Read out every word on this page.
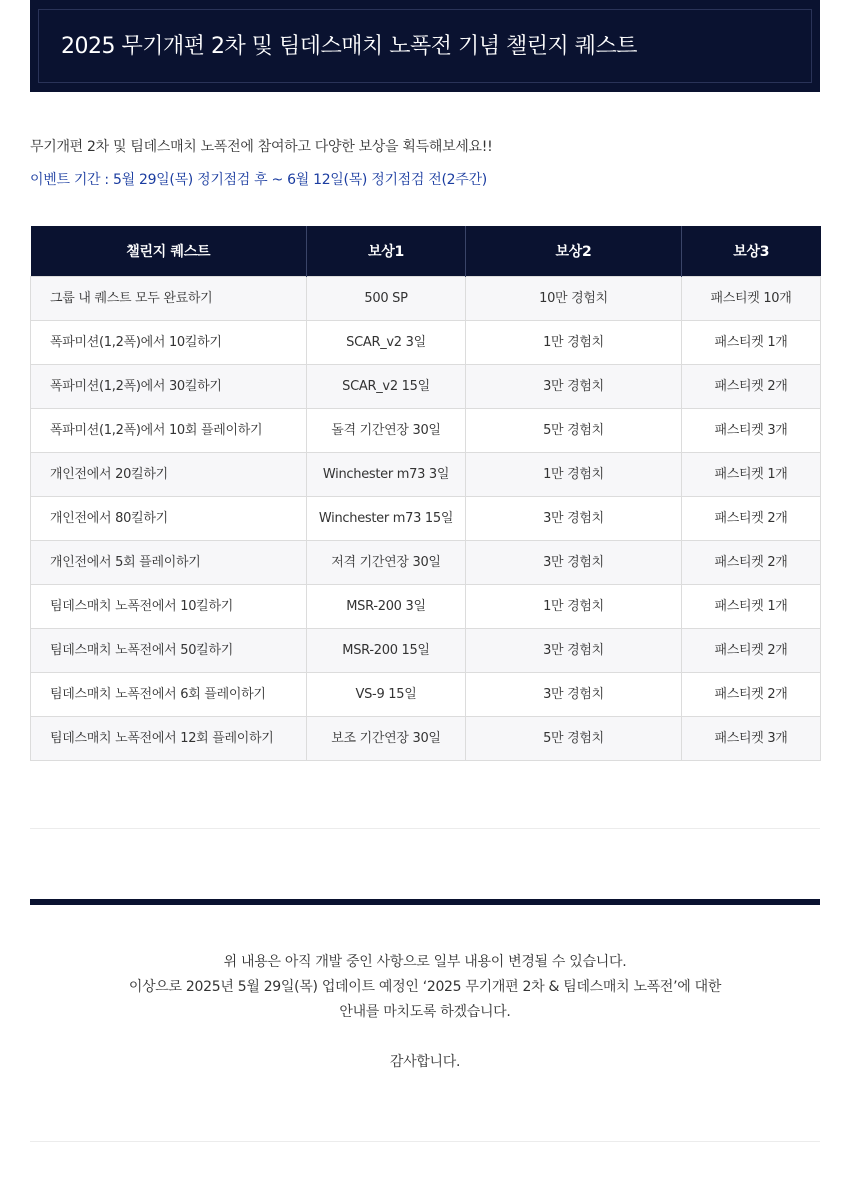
2025 무기개편 2차 및 팀데스매치 노폭전 기념 챌린지 퀘스트
무기개편 2차 및 팀데스매치 노폭전에 참여하고 다양한 보상을 획득해보세요!!
이벤트 기간 : 5월 29일(목) 정기점검 후 ~ 6월 12일(목) 정기점검 전(2주간)
챌린지 퀘스트	보상1	보상2	보상3
그룹 내 퀘스트 모두 완료하기	500 SP	10만 경험치	패스티켓 10개
폭파미션(1,2폭)에서 10킬하기	SCAR_v2 3일	1만 경험치	패스티켓 1개
폭파미션(1,2폭)에서 30킬하기	SCAR_v2 15일	3만 경험치	패스티켓 2개
폭파미션(1,2폭)에서 10회 플레이하기	돌격 기간연장 30일	5만 경험치	패스티켓 3개
개인전에서 20킬하기	Winchester m73 3일	1만 경험치	패스티켓 1개
개인전에서 80킬하기	Winchester m73 15일	3만 경험치	패스티켓 2개
개인전에서 5회 플레이하기	저격 기간연장 30일	3만 경험치	패스티켓 2개
팀데스매치 노폭전에서 10킬하기	MSR-200 3일	1만 경험치	패스티켓 1개
팀데스매치 노폭전에서 50킬하기	MSR-200 15일	3만 경험치	패스티켓 2개
팀데스매치 노폭전에서 6회 플레이하기	VS-9 15일	3만 경험치	패스티켓 2개
팀데스매치 노폭전에서 12회 플레이하기	보조 기간연장 30일	5만 경험치	패스티켓 3개
위 내용은 아직 개발 중인 사항으로 일부 내용이 변경될 수 있습니다.
이상으로 2025년 5월 29일(목) 업데이트 예정인 ‘2025 무기개편 2차 & 팀데스매치 노폭전’에 대한
안내를 마치도록 하겠습니다.
감사합니다.
